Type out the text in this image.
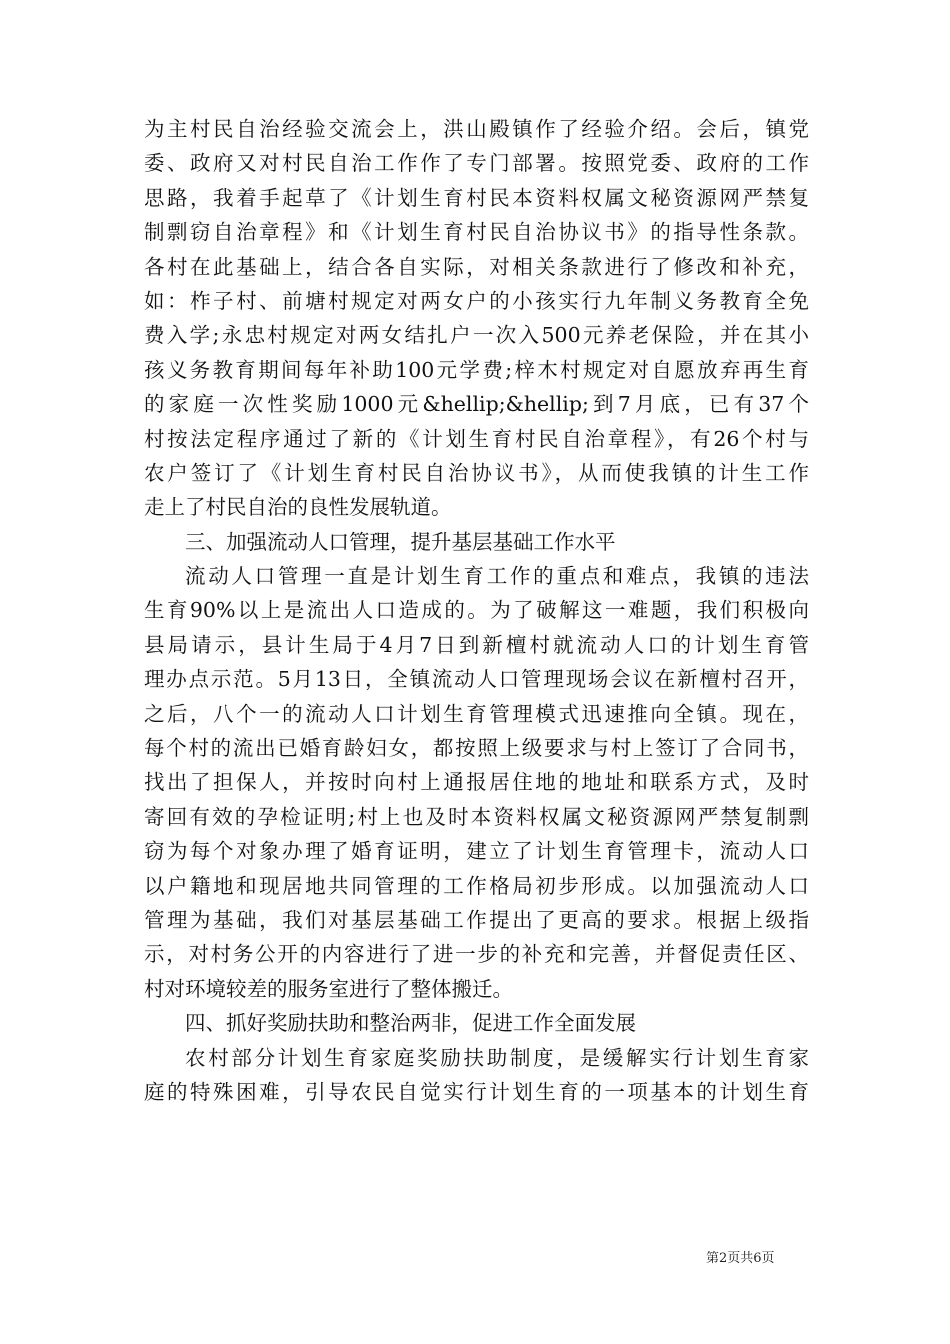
为主村民自治经验交流会上，洪山殿镇作了经验介绍。会后，镇党
委、政府又对村民自治工作作了专门部署。按照党委、政府的工作
思路，我着手起草了《计划生育村民本资料权属文秘资源网严禁复
制剽窃自治章程》和《计划生育村民自治协议书》的指导性条款。
各村在此基础上，结合各自实际，对相关条款进行了修改和补充，
如：柞子村、前塘村规定对两女户的小孩实行九年制义务教育全免
费入学;永忠村规定对两女结扎户一次入500元养老保险，并在其小
孩义务教育期间每年补助100元学费;梓木村规定对自愿放弃再生育
的家庭一次性奖励1000元&hellip;&hellip;到7月底，已有37个
村按法定程序通过了新的《计划生育村民自治章程》，有26个村与
农户签订了《计划生育村民自治协议书》，从而使我镇的计生工作
走上了村民自治的良性发展轨道。
三、加强流动人口管理，提升基层基础工作水平
流动人口管理一直是计划生育工作的重点和难点，我镇的违法
生育90%以上是流出人口造成的。为了破解这一难题，我们积极向
县局请示，县计生局于4月7日到新檀村就流动人口的计划生育管
理办点示范。5月13日，全镇流动人口管理现场会议在新檀村召开，
之后，八个一的流动人口计划生育管理模式迅速推向全镇。现在，
每个村的流出已婚育龄妇女，都按照上级要求与村上签订了合同书，
找出了担保人，并按时向村上通报居住地的地址和联系方式，及时
寄回有效的孕检证明;村上也及时本资料权属文秘资源网严禁复制剽
窃为每个对象办理了婚育证明，建立了计划生育管理卡，流动人口
以户籍地和现居地共同管理的工作格局初步形成。以加强流动人口
管理为基础，我们对基层基础工作提出了更高的要求。根据上级指
示，对村务公开的内容进行了进一步的补充和完善，并督促责任区、
村对环境较差的服务室进行了整体搬迁。
四、抓好奖励扶助和整治两非，促进工作全面发展
农村部分计划生育家庭奖励扶助制度，是缓解实行计划生育家
庭的特殊困难，引导农民自觉实行计划生育的一项基本的计划生育
第2页共6页
